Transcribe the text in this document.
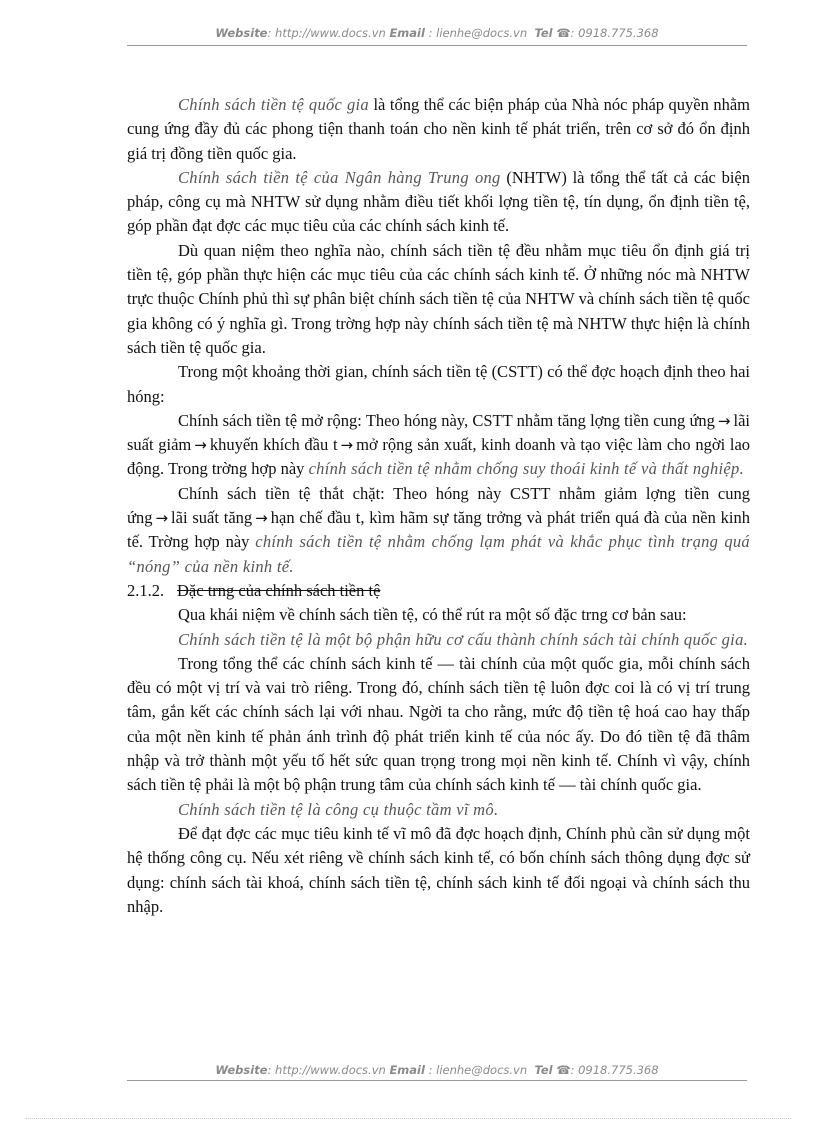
Website: http://www.docs.vn Email : lienhe@docs.vn Tel ☎: 0918.775.368

Chính sách tiền tệ quốc gia là tổng thể các biện pháp của Nhà nóc pháp quyền nhằm cung ứng đầy đủ các phong tiện thanh toán cho nền kinh tế phát triển, trên cơ sở đó ổn định giá trị đồng tiền quốc gia.

Chính sách tiền tệ của Ngân hàng Trung ong (NHTW) là tổng thể tất cả các biện pháp, công cụ mà NHTW sử dụng nhằm điều tiết khối lợng tiền tệ, tín dụng, ổn định tiền tệ, góp phần đạt đợc các mục tiêu của các chính sách kinh tế.

Dù quan niệm theo nghĩa nào, chính sách tiền tệ đều nhằm mục tiêu ổn định giá trị tiền tệ, góp phần thực hiện các mục tiêu của các chính sách kinh tế. Ở những nóc mà NHTW trực thuộc Chính phủ thì sự phân biệt chính sách tiền tệ của NHTW và chính sách tiền tệ quốc gia không có ý nghĩa gì. Trong trờng hợp này chính sách tiền tệ mà NHTW thực hiện là chính sách tiền tệ quốc gia.

Trong một khoảng thời gian, chính sách tiền tệ (CSTT) có thể đợc hoạch định theo hai hóng:

Chính sách tiền tệ mở rộng: Theo hóng này, CSTT nhằm tăng lợng tiền cung ứng → lãi suất giảm → khuyến khích đầu t → mở rộng sản xuất, kinh doanh và tạo việc làm cho ngời lao động. Trong trờng hợp này chính sách tiền tệ nhằm chống suy thoái kinh tế và thất nghiệp.

Chính sách tiền tệ thắt chặt: Theo hóng này CSTT nhằm giảm lợng tiền cung ứng → lãi suất tăng → hạn chế đầu t, kìm hãm sự tăng trởng và phát triển quá đà của nền kinh tế. Trờng hợp này chính sách tiền tệ nhằm chống lạm phát và khắc phục tình trạng quá “nóng” của nền kinh tế.

2.1.2. Đặc trng của chính sách tiền tệ

Qua khái niệm về chính sách tiền tệ, có thể rút ra một số đặc trng cơ bản sau:

Chính sách tiền tệ là một bộ phận hữu cơ cấu thành chính sách tài chính quốc gia.

Trong tổng thể các chính sách kinh tế — tài chính của một quốc gia, mỗi chính sách đều có một vị trí và vai trò riêng. Trong đó, chính sách tiền tệ luôn đợc coi là có vị trí trung tâm, gắn kết các chính sách lại với nhau. Ngời ta cho rằng, mức độ tiền tệ hoá cao hay thấp của một nền kinh tế phản ánh trình độ phát triển kinh tế của nóc ấy. Do đó tiền tệ đã thâm nhập và trở thành một yếu tố hết sức quan trọng trong mọi nền kinh tế. Chính vì vậy, chính sách tiền tệ phải là một bộ phận trung tâm của chính sách kinh tế — tài chính quốc gia.

Chính sách tiền tệ là công cụ thuộc tầm vĩ mô.

Để đạt đợc các mục tiêu kinh tế vĩ mô đã đợc hoạch định, Chính phủ cần sử dụng một hệ thống công cụ. Nếu xét riêng về chính sách kinh tế, có bốn chính sách thông dụng đợc sử dụng: chính sách tài khoá, chính sách tiền tệ, chính sách kinh tế đối ngoại và chính sách thu nhập.

Website: http://www.docs.vn Email : lienhe@docs.vn Tel ☎: 0918.775.368
